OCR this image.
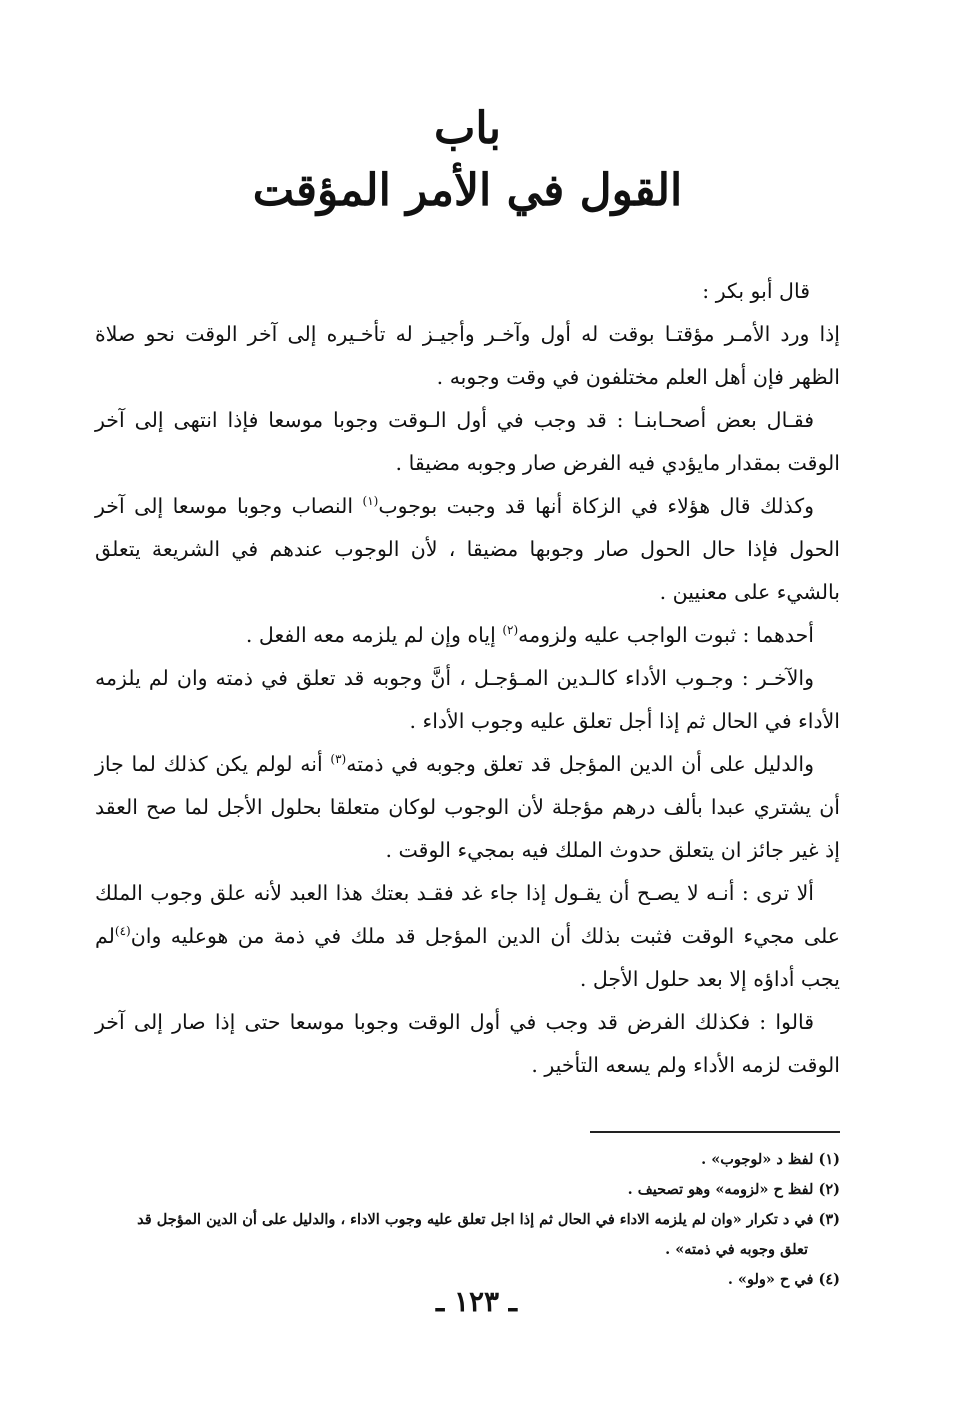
باب
القول في الأمر المؤقت

قال أبو بكر :

إذا ورد الأمـر مؤقتـا بوقت له أول وآخـر وأجيـز له تأخـيره إلى آخر الوقت نحو صلاة الظهر فإن أهل العلم مختلفون في وقت وجوبه .

فقـال بعض أصحـابنـا : قد وجب في أول الـوقت وجوبا موسعا فإذا انتهى إلى آخر الوقت بمقدار مايؤدي فيه الفرض صار وجوبه مضيقا .

وكذلك قال هؤلاء في الزكاة أنها قد وجبت بوجوب$^{(١)}$ النصاب وجوبا موسعا إلى آخر الحول فإذا حال الحول صار وجوبها مضيقا ، لأن الوجوب عندهم في الشريعة يتعلق بالشيء على معنيين .

أحدهما : ثبوت الواجب عليه ولزومه$^{(٢)}$ إياه وإن لم يلزمه معه الفعل .

والآخـر : وجـوب الأداء كالـدين المـؤجـل ، أنَّ وجوبه قد تعلق في ذمته وان لم يلزمه الأداء في الحال ثم إذا أجل تعلق عليه وجوب الأداء .

والدليل على أن الدين المؤجل قد تعلق وجوبه في ذمته$^{(٣)}$ أنه لولم يكن كذلك لما جاز أن يشتري عبدا بألف درهم مؤجلة لأن الوجوب لوكان متعلقا بحلول الأجل لما صح العقد إذ غير جائز ان يتعلق حدوث الملك فيه بمجيء الوقت .

ألا ترى : أنـه لا يصـح أن يقـول إذا جاء غد فقـد بعتك هذا العبد لأنه علق وجوب الملك على مجيء الوقت فثبت بذلك أن الدين المؤجل قد ملك في ذمة من هوعليه وان$^{(٤)}$لم يجب أداؤه إلا بعد حلول الأجل .

قالوا : فكذلك الفرض قد وجب في أول الوقت وجوبا موسعا حتى إذا صار إلى آخر الوقت لزمه الأداء ولم يسعه التأخير .

(١) لفظ د «لوجوب» .

(٢) لفظ ح «لزومه» وهو تصحيف .

(٣) في د تكرار «وان لم يلزمه الاداء في الحال ثم إذا اجل تعلق عليه وجوب الاداء ، والدليل على أن الدين المؤجل قد

تعلق وجوبه في ذمته» .

(٤) في ح «ولو» .

ـ ١٢٣ ـ
